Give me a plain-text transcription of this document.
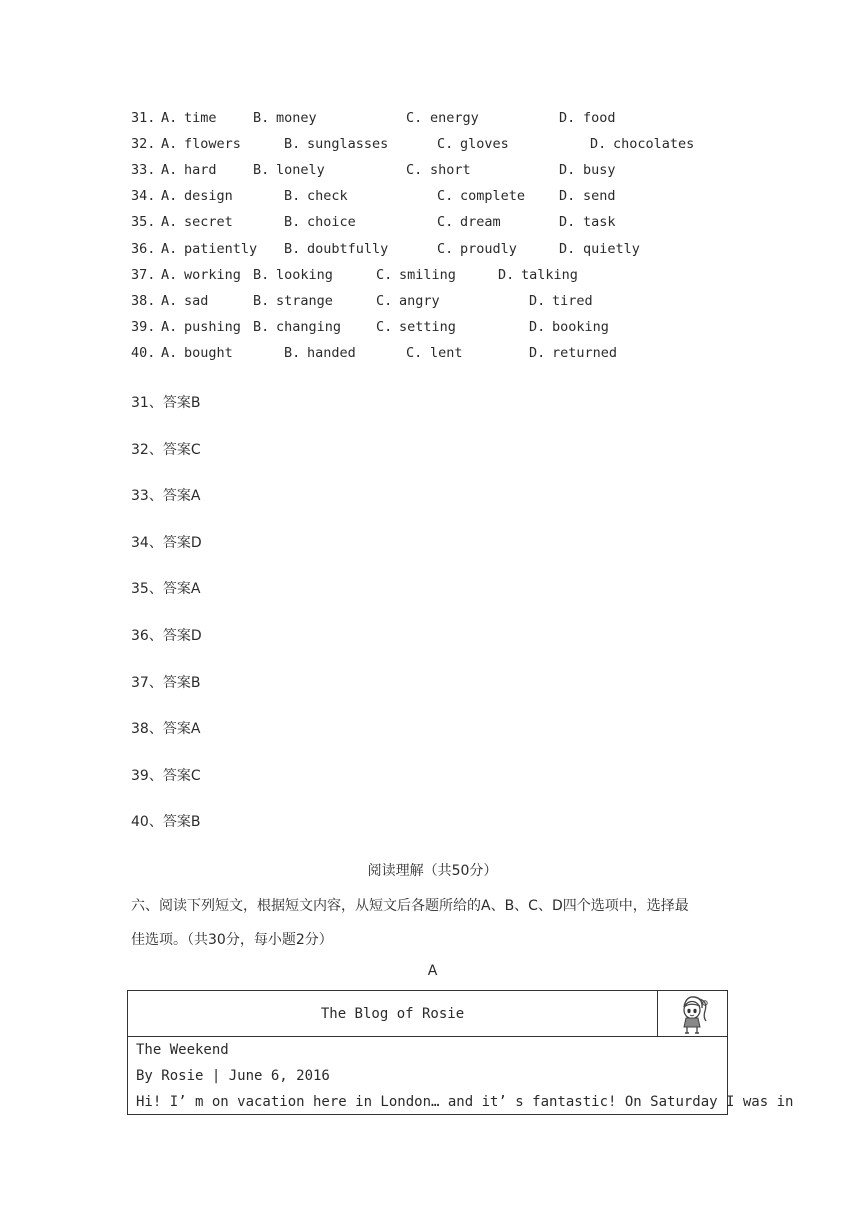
31. A. time	B. money	C. energy	D. food
32. A. flowers	B. sunglasses	C. gloves	D. chocolates
33. A. hard	B. lonely	C. short	D. busy
34. A. design	B. check	C. complete	D. send
35. A. secret	B. choice	C. dream	D. task
36. A. patiently B. doubtfully	C. proudly	D. quietly
37. A. working B. looking	C. smiling	D. talking
38. A. sad	B. strange	C. angry	D. tired
39. A. pushing B. changing	C. setting	D. booking
40. A. bought	B. handed	C. lent	D. returned
31、答案B
32、答案C
33、答案A
34、答案D
35、答案A
36、答案D
37、答案B
38、答案A
39、答案C
40、答案B
阅读理解（共50分）
六、阅读下列短文，根据短文内容，从短文后各题所给的A、B、C、D四个选项中，选择最
佳选项。（共30分，每小题2分）
A
The Blog of Rosie
The Weekend
By Rosie | June 6, 2016
Hi! I’ m on vacation here in London… and it’ s fantastic! On Saturday I was in
